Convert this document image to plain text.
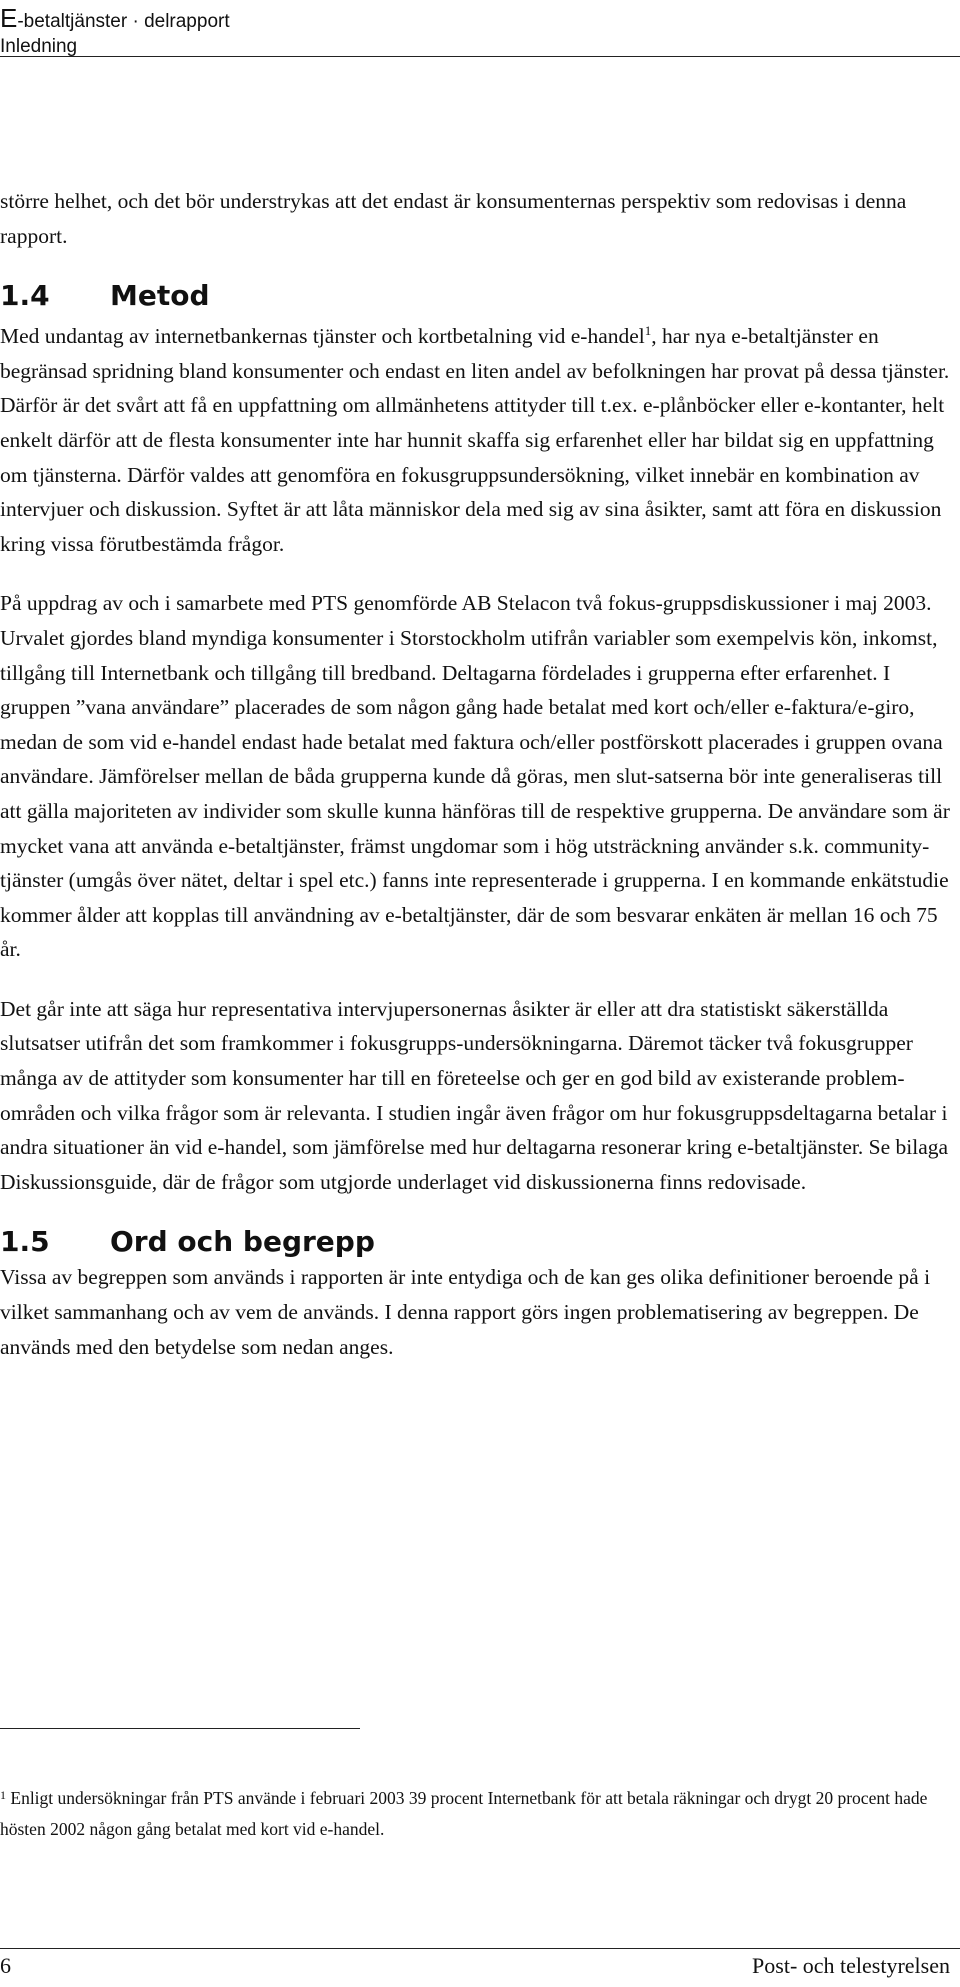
E-betaltjänster · delrapport
Inledning

större helhet, och det bör understrykas att det endast är konsumenternas perspektiv som redovisas i denna rapport.

1.4 Metod

Med undantag av internetbankernas tjänster och kortbetalning vid e-handel$^1$, har nya e-betaltjänster en begränsad spridning bland konsumenter och endast en liten andel av befolkningen har provat på dessa tjänster. Därför är det svårt att få en uppfattning om allmänhetens attityder till t.ex. e-plånböcker eller e-kontanter, helt enkelt därför att de flesta konsumenter inte har hunnit skaffa sig erfarenhet eller har bildat sig en uppfattning om tjänsterna. Därför valdes att genomföra en fokusgruppsundersökning, vilket innebär en kombination av intervjuer och diskussion. Syftet är att låta människor dela med sig av sina åsikter, samt att föra en diskussion kring vissa förutbestämda frågor.

På uppdrag av och i samarbete med PTS genomförde AB Stelacon två fokus-gruppsdiskussioner i maj 2003. Urvalet gjordes bland myndiga konsumenter i Storstockholm utifrån variabler som exempelvis kön, inkomst, tillgång till Internetbank och tillgång till bredband. Deltagarna fördelades i grupperna efter erfarenhet. I gruppen ”vana användare” placerades de som någon gång hade betalat med kort och/eller e-faktura/e-giro, medan de som vid e-handel endast hade betalat med faktura och/eller postförskott placerades i gruppen ovana användare. Jämförelser mellan de båda grupperna kunde då göras, men slut-satserna bör inte generaliseras till att gälla majoriteten av individer som skulle kunna hänföras till de respektive grupperna. De användare som är mycket vana att använda e-betaltjänster, främst ungdomar som i hög utsträckning använder s.k. community-tjänster (umgås över nätet, deltar i spel etc.) fanns inte representerade i grupperna. I en kommande enkätstudie kommer ålder att kopplas till användning av e-betaltjänster, där de som besvarar enkäten är mellan 16 och 75 år.

Det går inte att säga hur representativa intervjupersonernas åsikter är eller att dra statistiskt säkerställda slutsatser utifrån det som framkommer i fokusgrupps-undersökningarna. Däremot täcker två fokusgrupper många av de attityder som konsumenter har till en företeelse och ger en god bild av existerande problem-områden och vilka frågor som är relevanta. I studien ingår även frågor om hur fokusgruppsdeltagarna betalar i andra situationer än vid e-handel, som jämförelse med hur deltagarna resonerar kring e-betaltjänster. Se bilaga Diskussionsguide, där de frågor som utgjorde underlaget vid diskussionerna finns redovisade.

1.5 Ord och begrepp

Vissa av begreppen som används i rapporten är inte entydiga och de kan ges olika definitioner beroende på i vilket sammanhang och av vem de används. I denna rapport görs ingen problematisering av begreppen. De används med den betydelse som nedan anges.

$^1$ Enligt undersökningar från PTS använde i februari 2003 39 procent Internetbank för att betala räkningar och drygt 20 procent hade hösten 2002 någon gång betalat med kort vid e-handel.
6	Post- och telestyrelsen
